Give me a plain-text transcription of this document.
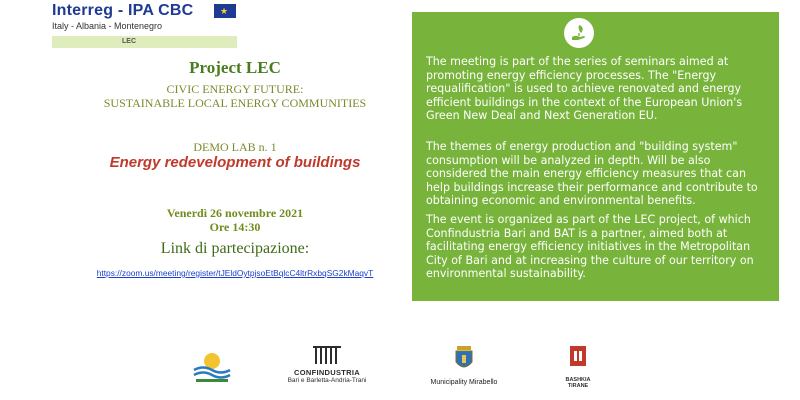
Interreg - IPA CBC	★
Italy - Albania - Montenegro
LEC
Project LEC
CIVIC ENERGY FUTURE:
SUSTAINABLE LOCAL ENERGY COMMUNITIES
DEMO LAB n. 1
Energy redevelopment of buildings
Venerdì 26 novembre 2021
Ore 14:30
Link di partecipazione:
https://zoom.us/meeting/register/tJEldOytpjsoEtBqlcC4ltrRxbqSG2kMaqvT
The meeting is part of the series of seminars aimed at promoting energy efficiency processes. The "Energy requalification" is used to achieve renovated and energy efficient buildings in the context of the European Union's Green New Deal and Next Generation EU.
The themes of energy production and "building system" consumption will be analyzed in depth. Will be also considered the main energy efficiency measures that can help buildings increase their performance and contribute to obtaining economic and environmental benefits.
The event is organized as part of the LEC project, of which Confindustria Bari and BAT is a partner, aimed both at facilitating energy efficiency initiatives in the Metropolitan City of Bari and at increasing the culture of our territory on environmental sustainability.
CONFINDUSTRIA
Bari e Barletta-Andria-Trani	Municipality Mirabello	BASHKIA
TIRANE
